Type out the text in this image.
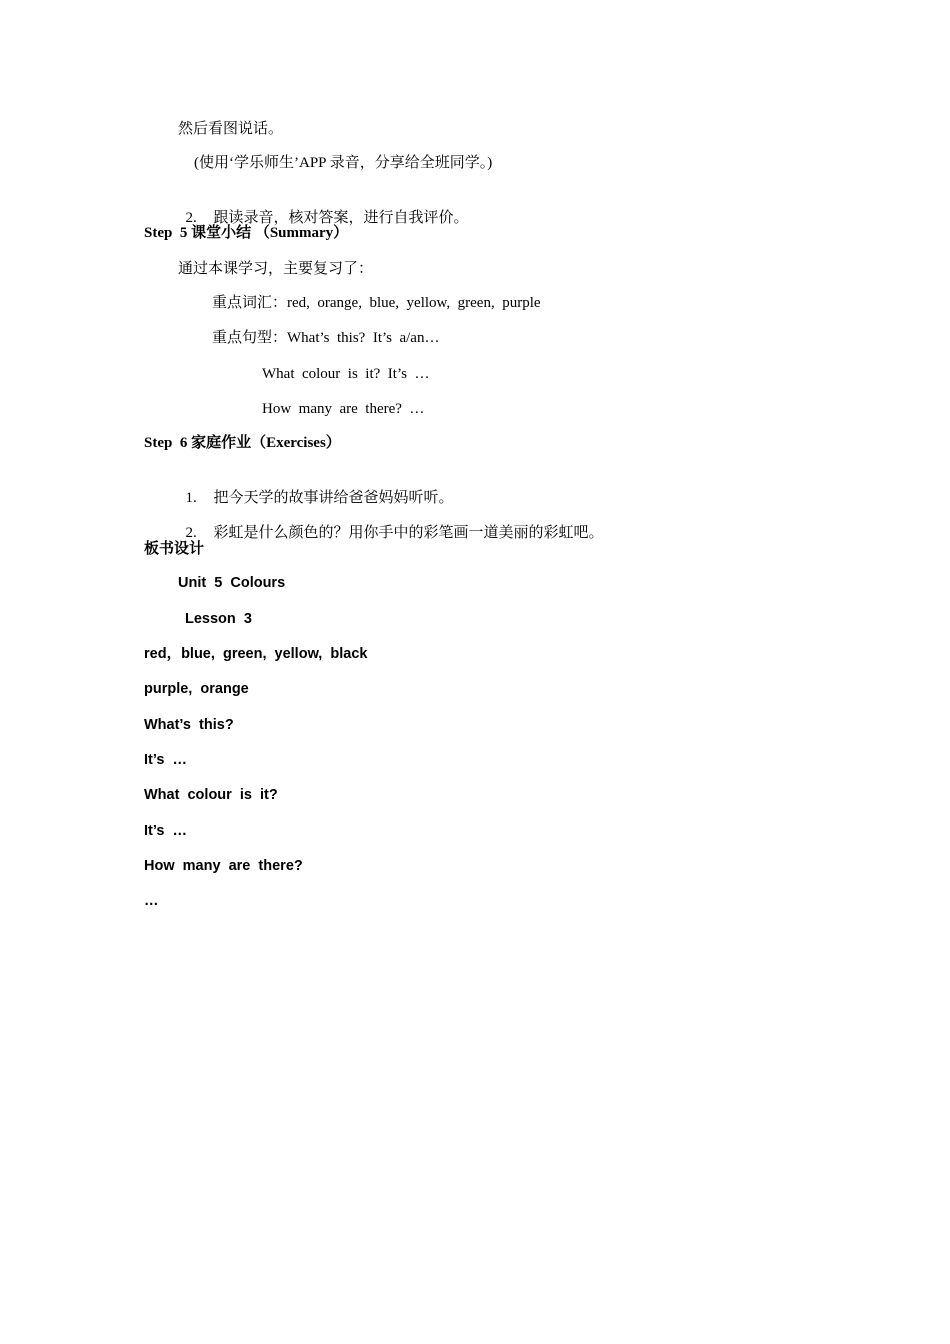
然后看图说话。
(使用‘学乐师生’APP 录音，分享给全班同学。)

2. 跟读录音，核对答案，进行自我评价。

Step  5 课堂小结 （Summary）
通过本课学习，主要复习了：
重点词汇：red,  orange,  blue,  yellow,  green,  purple
重点句型：What’s  this?  It’s  a/an…
What  colour  is  it?  It’s  …
How  many  are  there?  …
Step  6 家庭作业（Exercises）

1. 把今天学的故事讲给爸爸妈妈听听。

2. 彩虹是什么颜色的？用你手中的彩笔画一道美丽的彩虹吧。

板书设计
Unit  5  Colours
Lesson  3
red，blue,  green,  yellow,  black
purple,  orange
What’s  this?
It’s  …
What  colour  is  it?
It’s  …
How  many  are  there?
…
